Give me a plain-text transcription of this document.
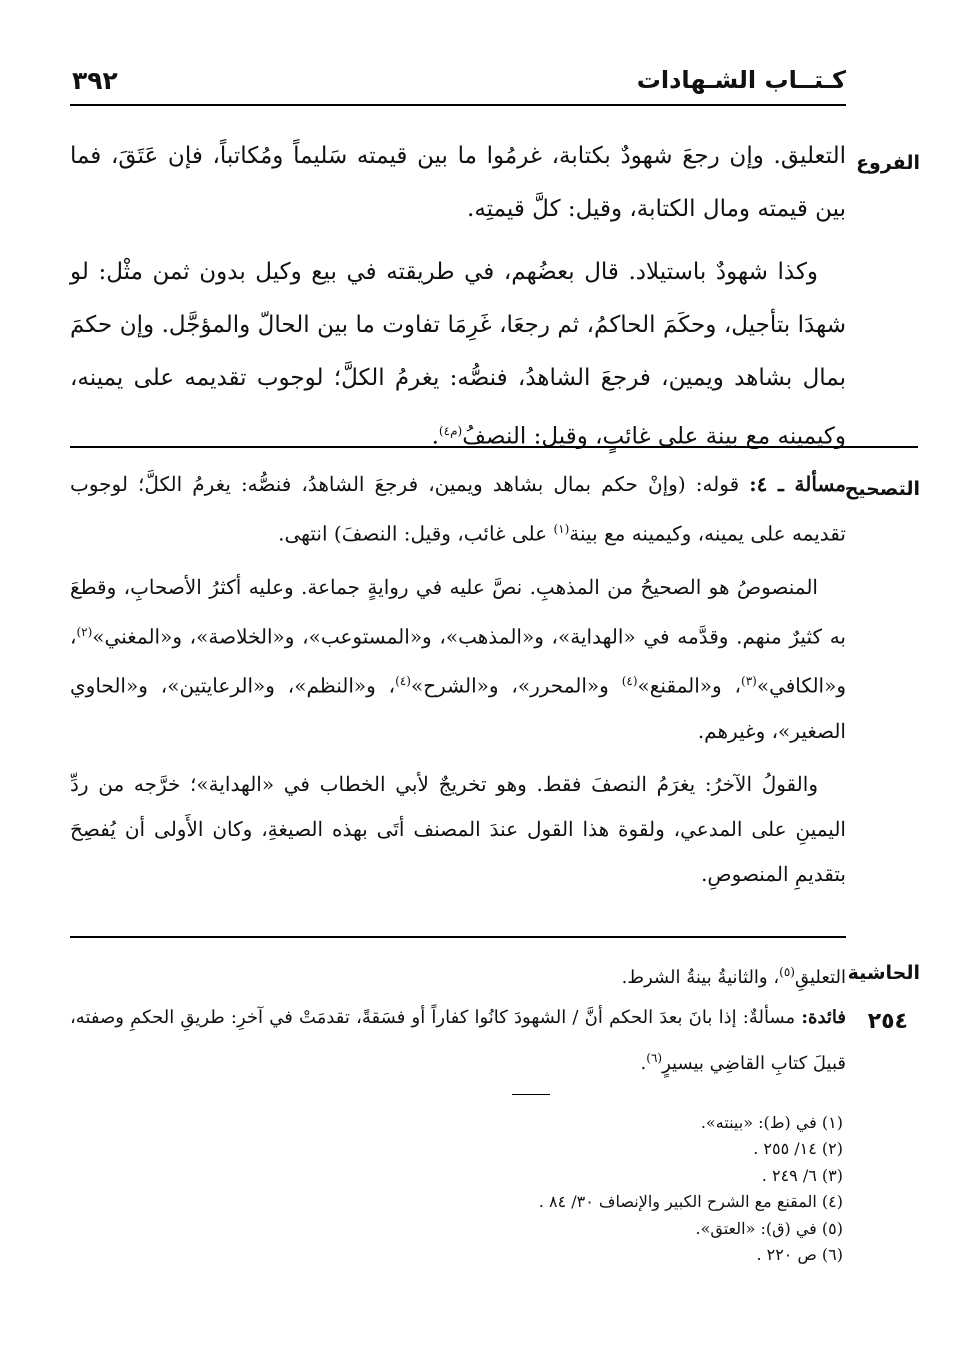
كـتــاب الشـهادات
٣٩٢
الفروع

التعليق. وإن رجعَ شهودٌ بكتابة، غرمُوا ما بين قيمته سَليماً ومُكاتباً، فإن عَتَقَ، فما بين قيمته ومال الكتابة، وقيل: كلَّ قيمتِه.

وكذا شهودٌ باستيلاد. قال بعضُهم، في طريقته في بيع وكيل بدون ثمن مثْل: لو شهدَا بتأجيل، وحكَمَ الحاكمُ، ثم رجعَا، غَرِمَا تفاوت ما بين الحالّ والمؤجَّل. وإن حكمَ بمال بشاهد ويمين، فرجعَ الشاهدُ، فنصُّه: يغرمُ الكلَّ؛ لوجوب تقديمه على يمينه، وكيمينه مع بينة على غائبٍ، وقيل: النصفُ$^{(م٤)}$.

التصحيح

مسألة ـ ٤: قوله: (وإنْ حكم بمال بشاهد ويمين، فرجعَ الشاهدُ، فنصُّه: يغرمُ الكلَّ؛ لوجوب تقديمه على يمينه، وكيمينه مع بينة$^{(١)}$ على غائب، وقيل: النصفَ) انتهى.

المنصوصُ هو الصحيحُ من المذهبِ. نصَّ عليه في روايةٍ جماعة. وعليه أكثرُ الأصحابِ، وقطعَ به كثيرٌ منهم. وقدَّمه في «الهداية»، و«المذهب»، و«المستوعب»، و«الخلاصة»، و«المغني»$^{(٢)}$، و«الكافي»$^{(٣)}$، و«المقنع»$^{(٤)}$ و«المحرر»، و«الشرح»$^{(٤)}$، و«النظم»، و«الرعايتين»، و«الحاوي الصغير»، وغيرهم.

والقولُ الآخرُ: يغرَمُ النصفَ فقط. وهو تخريجٌ لأبي الخطاب في «الهداية»؛ خرَّجه من ردِّ اليمينِ على المدعي، ولقوة هذا القول عندَ المصنف أتَى بهذه الصيغةِ، وكان الأَولى أن يُفصِحَ بتقديمِ المنصوصِ.

الحاشية
٢٥٤

التعليقِ$^{(٥)}$، والثانيةُ بينةُ الشرط.

فائدة: مسألةٌ: إذا بانَ بعدَ الحكم أنَّ / الشهودَ كانُوا كفاراً أو فسَقةً، تقدمَتْ في آخرِ: طريقِ الحكمِ وصفته، قبيلَ كتابِ القاضِي بيسيرٍ$^{(٦)}$.

(١) في (ط): «بينته».
(٢) ١٤/ ٢٥٥ .
(٣) ٦/ ٢٤٩ .
(٤) المقنع مع الشرح الكبير والإنصاف ٣٠/ ٨٤ .
(٥) في (ق): «العتق».
(٦) ص ٢٢٠ .
